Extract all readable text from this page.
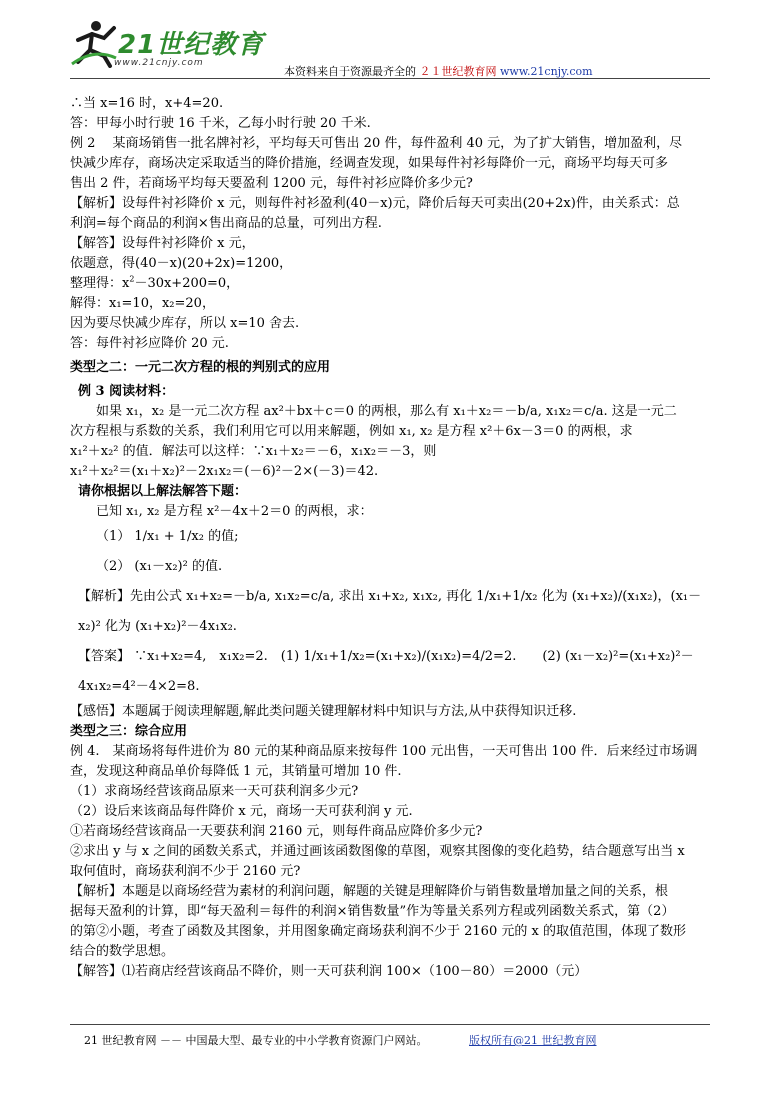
21世纪教育
www.21cnjy.com
本资料来自于资源最齐全的 ２１世纪教育网 www.21cnjy.com

∴当 x=16 时，x+4=20.

答：甲每小时行驶 16 千米，乙每小时行驶 20 千米.

例 2　 某商场销售一批名牌衬衫，平均每天可售出 20 件，每件盈利 40 元，为了扩大销售，增加盈利，尽

快减少库存，商场决定采取适当的降价措施，经调查发现，如果每件衬衫每降价一元，商场平均每天可多

售出 2 件，若商场平均每天要盈利 1200 元，每件衬衫应降价多少元?

【解析】设每件衬衫降价 x 元，则每件衬衫盈利(40－x)元，降价后每天可卖出(20+2x)件，由关系式：总

利润=每个商品的利润×售出商品的总量，可列出方程.

【解答】设每件衬衫降价 x 元，

依题意，得(40－x)(20+2x)=1200，

整理得：$x^2-30x+200=0$，

解得：x₁=10，x₂=20，

因为要尽快减少库存，所以 x=10 舍去.

答：每件衬衫应降价 20 元.

类型之二：一元二次方程的根的判别式的应用

例 3 阅读材料：

如果 x₁，x₂ 是一元二次方程 ax²＋bx＋c＝0 的两根，那么有 x₁＋x₂＝－b/a, x₁x₂＝c/a. 这是一元二

次方程根与系数的关系，我们利用它可以用来解题，例如 x₁, x₂ 是方程 x²＋6x－3＝0 的两根，求

x₁²＋x₂² 的值．解法可以这样：∵x₁＋x₂＝－6，x₁x₂＝－3，则

x₁²＋x₂²＝(x₁＋x₂)²－2x₁x₂＝(－6)²－2×(－3)＝42.

请你根据以上解法解答下题：

已知 x₁, x₂ 是方程 x²－4x＋2＝0 的两根，求：

（1） 1/x₁ + 1/x₂ 的值;

（2） (x₁－x₂)² 的值.

【解析】先由公式 x₁+x₂=－b/a, x₁x₂=c/a, 求出 x₁+x₂, x₁x₂, 再化 1/x₁+1/x₂ 化为 (x₁+x₂)/(x₁x₂)，(x₁－x₂)² 化为 (x₁+x₂)²－4x₁x₂.

【答案】 ∵x₁+x₂=4,　x₁x₂=2.　(1) 1/x₁+1/x₂=(x₁+x₂)/(x₁x₂)=4/2=2.　　(2) (x₁－x₂)²=(x₁+x₂)²－4x₁x₂=4²－4×2=8.

【感悟】本题属于阅读理解题,解此类问题关键理解材料中知识与方法,从中获得知识迁移.

类型之三：综合应用

例 4.　某商场将每件进价为 80 元的某种商品原来按每件 100 元出售，一天可售出 100 件．后来经过市场调

查，发现这种商品单价每降低 1 元，其销量可增加 10 件.

（1）求商场经营该商品原来一天可获利润多少元?

（2）设后来该商品每件降价 x 元，商场一天可获利润 y 元.

①若商场经营该商品一天要获利润 2160 元，则每件商品应降价多少元?

②求出 y 与 x 之间的函数关系式，并通过画该函数图像的草图，观察其图像的变化趋势，结合题意写出当 x

取何值时，商场获利润不少于 2160 元?

【解析】本题是以商场经营为素材的利润问题，解题的关键是理解降价与销售数量增加量之间的关系，根

据每天盈利的计算，即“每天盈利＝每件的利润×销售数量”作为等量关系列方程或列函数关系式，第（2）

的第②小题，考查了函数及其图象，并用图象确定商场获利润不少于 2160 元的 x 的取值范围，体现了数形

结合的数学思想。

【解答】⑴若商店经营该商品不降价，则一天可获利润 100×（100－80）＝2000（元）

21 世纪教育网 －－ 中国最大型、最专业的中小学教育资源门户网站。	版权所有@21 世纪教育网
